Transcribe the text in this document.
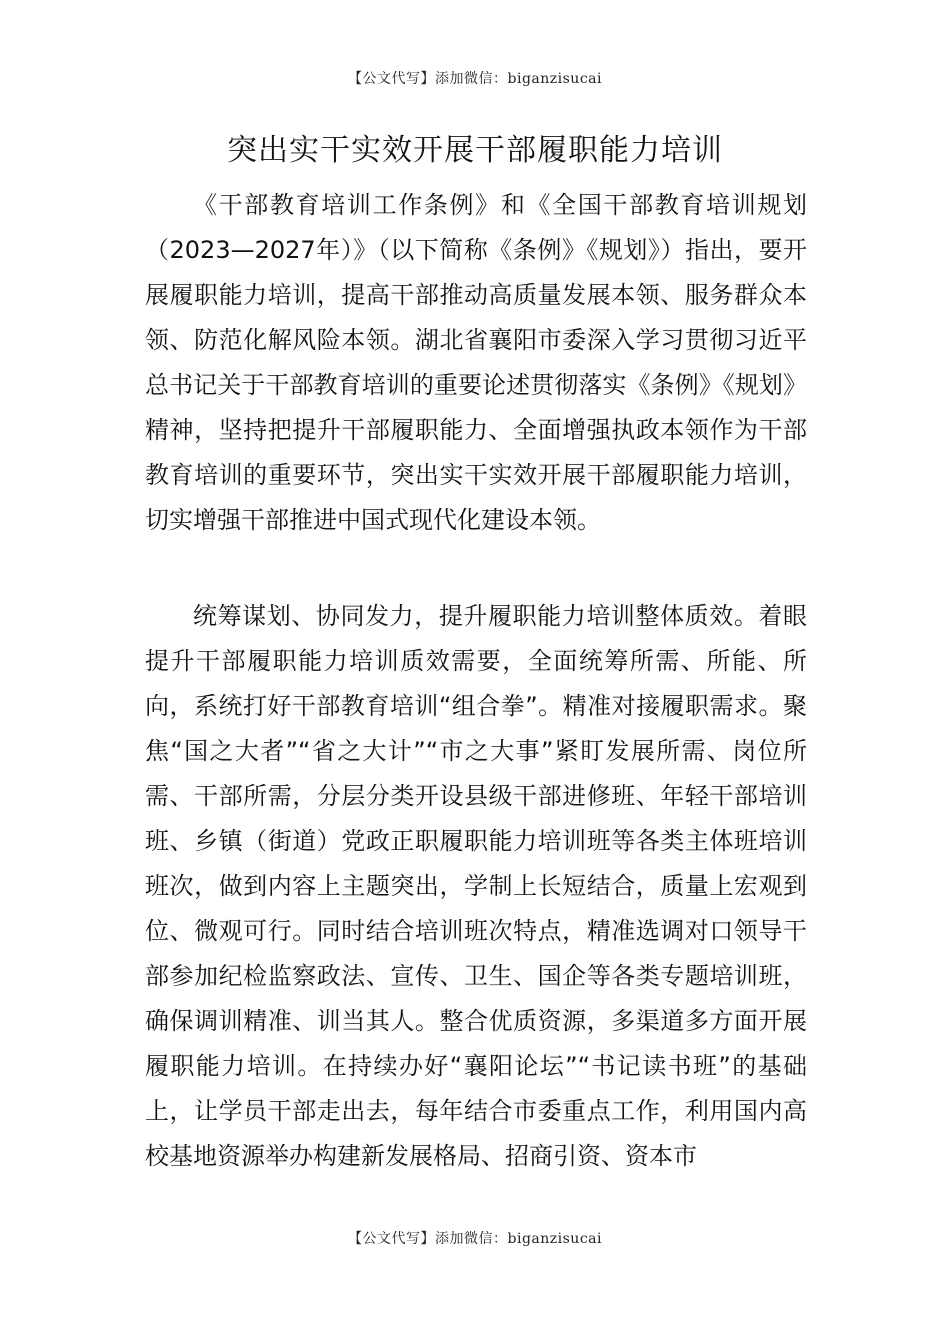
【公文代写】添加微信：biganzisucai
突出实干实效开展干部履职能力培训

《干部教育培训工作条例》和《全国干部教育培训规划（2023—2027年）》（以下简称《条例》《规划》）指出，要开展履职能力培训，提高干部推动高质量发展本领、服务群众本领、防范化解风险本领。湖北省襄阳市委深入学习贯彻习近平总书记关于干部教育培训的重要论述贯彻落实《条例》《规划》精神，坚持把提升干部履职能力、全面增强执政本领作为干部教育培训的重要环节，突出实干实效开展干部履职能力培训，切实增强干部推进中国式现代化建设本领。

统筹谋划、协同发力，提升履职能力培训整体质效。着眼提升干部履职能力培训质效需要，全面统筹所需、所能、所向，系统打好干部教育培训“组合拳”。精准对接履职需求。聚焦“国之大者”“省之大计”“市之大事”紧盯发展所需、岗位所需、干部所需，分层分类开设县级干部进修班、年轻干部培训班、乡镇（街道）党政正职履职能力培训班等各类主体班培训班次，做到内容上主题突出，学制上长短结合，质量上宏观到位、微观可行。同时结合培训班次特点，精准选调对口领导干部参加纪检监察政法、宣传、卫生、国企等各类专题培训班，确保调训精准、训当其人。整合优质资源，多渠道多方面开展履职能力培训。在持续办好“襄阳论坛”“书记读书班”的基础上，让学员干部走出去，每年结合市委重点工作，利用国内高校基地资源举办构建新发展格局、招商引资、资本市

【公文代写】添加微信：biganzisucai
